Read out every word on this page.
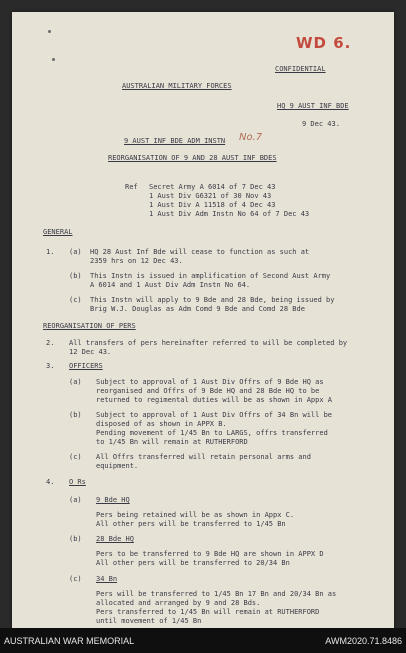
WD 6.
CONFIDENTIAL
AUSTRALIAN MILITARY FORCES
HQ 9 AUST INF BDE
9 Dec 43.
9 AUST INF BDE ADM INSTN No.7
REORGANISATION OF 9 AND 28 AUST INF BDES
Ref Secret Army A 6014 of 7 Dec 43
1 Aust Div G6321 of 30 Nov 43
1 Aust Div A 11518 of 4 Dec 43
1 Aust Div Adm Instn No 64 of 7 Dec 43
GENERAL
1. (a) HQ 28 Aust Inf Bde will cease to function as such at
2359 hrs on 12 Dec 43.
(b) This Instn is issued in amplification of Second Aust Army
A 6014 and 1 Aust Div Adm Instn No 64.
(c) This Instn will apply to 9 Bde and 28 Bde, being issued by
Brig W.J. Douglas as Adm Comd 9 Bde and Comd 28 Bde
REORGANISATION OF PERS
2. All transfers of pers hereinafter referred to will be completed by
12 Dec 43.
3. OFFICERS
(a) Subject to approval of 1 Aust Div Offrs of 9 Bde HQ as
reorganised and Offrs of 9 Bde HQ and 28 Bde HQ to be
returned to regimental duties will be as shown in Appx A
(b) Subject to approval of 1 Aust Div Offrs of 34 Bn will be
disposed of as shown in APPX B.
Pending movement of 1/45 Bn to LARGS, offrs transferred
to 1/45 Bn will remain at RUTHERFORD
(c) All Offrs transferred will retain personal arms and
equipment.
4. O Rs
(a) 9 Bde HQ
Pers being retained will be as shown in Appx C.
All other pers will be transferred to 1/45 Bn
(b) 28 Bde HQ
Pers to be transferred to 9 Bde HQ are shown in APPX D
All other pers will be transferred to 20/34 Bn
(c) 34 Bn
Pers will be transferred to 1/45 Bn 17 Bn and 20/34 Bn as
allocated and arranged by 9 and 28 Bds.
Pers transferred to 1/45 Bn will remain at RUTHERFORD
until movement of 1/45 Bn
AUSTRALIAN WAR MEMORIAL	AWM2020.71.8486
